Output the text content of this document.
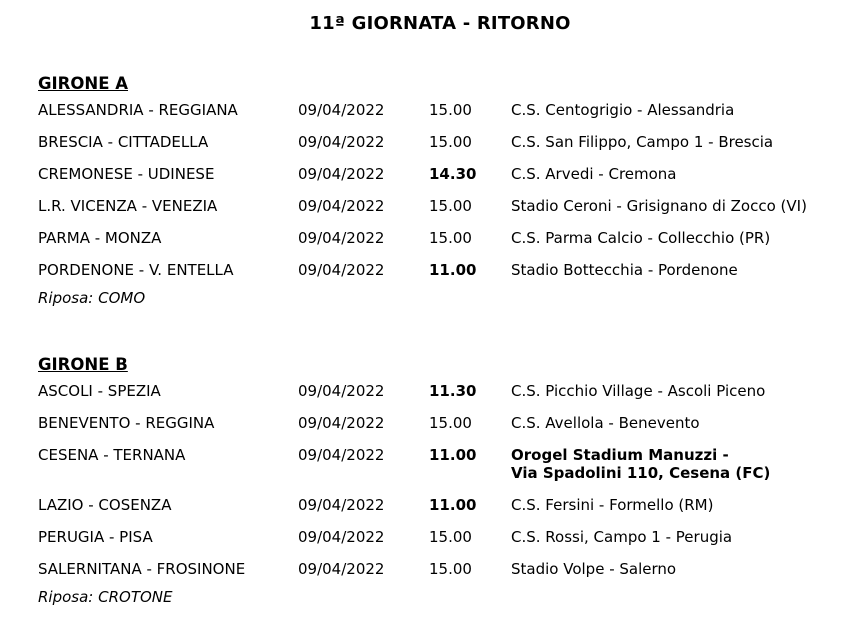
11ª GIORNATA - RITORNO
GIRONE A
ALESSANDRIA - REGGIANA	09/04/2022	15.00	C.S. Centogrigio - Alessandria
BRESCIA - CITTADELLA	09/04/2022	15.00	C.S. San Filippo, Campo 1 - Brescia
CREMONESE - UDINESE	09/04/2022	14.30 C.S. Arvedi - Cremona
L.R. VICENZA - VENEZIA	09/04/2022	15.00	Stadio Ceroni - Grisignano di Zocco (VI)
PARMA - MONZA	09/04/2022	15.00	C.S. Parma Calcio - Collecchio (PR)
PORDENONE - V. ENTELLA	09/04/2022	11.00 Stadio Bottecchia - Pordenone
Riposa: COMO
GIRONE B
ASCOLI - SPEZIA	09/04/2022	11.30 C.S. Picchio Village - Ascoli Piceno
BENEVENTO - REGGINA	09/04/2022	15.00	C.S. Avellola - Benevento
CESENA - TERNANA	09/04/2022	11.00 Orogel Stadium Manuzzi -
Via Spadolini 110, Cesena (FC)
LAZIO - COSENZA	09/04/2022	11.00 C.S. Fersini - Formello (RM)
PERUGIA - PISA	09/04/2022	15.00	C.S. Rossi, Campo 1 - Perugia
SALERNITANA - FROSINONE	09/04/2022	15.00	Stadio Volpe - Salerno
Riposa: CROTONE
